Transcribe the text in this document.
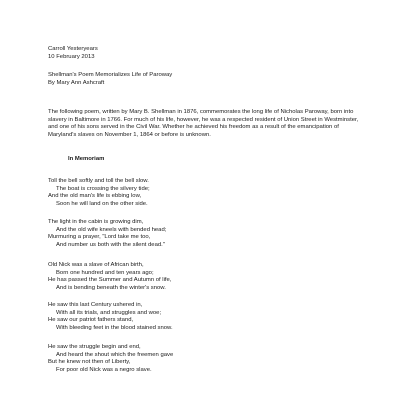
Carroll Yesteryears
10 February 2013
Shellman's Poem Memorializes Life of Paroway
By Mary Ann Ashcraft
The following poem, written by Mary B. Shellman in 1876, commemorates the long life of Nicholas Paroway, born into slavery in Baltimore in 1766. For much of his life, however, he was a respected resident of Union Street in Westminster, and one of his sons served in the Civil War. Whether he achieved his freedom as a result of the emancipation of Maryland's slaves on November 1, 1864 or before is unknown.
In Memoriam
Toll the bell softly and toll the bell slow.
The boat is crossing the silvery tide;
And the old man's life is ebbing low,
Soon he will land on the other side.
The light in the cabin is growing dim,
And the old wife kneels with bended head;
Murmuring a prayer, "Lord take me too,
And number us both with the silent dead."
Old Nick was a slave of African birth,
Born one hundred and ten years ago;
He has passed the Summer and Autumn of life,
And is bending beneath the winter's snow.
He saw this last Century ushered in,
With all its trials, and struggles and woe;
He saw our patriot fathers stand,
With bleeding feet in the blood stained snow.
He saw the struggle begin and end,
And heard the shout which the freemen gave
But he knew not then of Liberty,
For poor old Nick was a negro slave.
